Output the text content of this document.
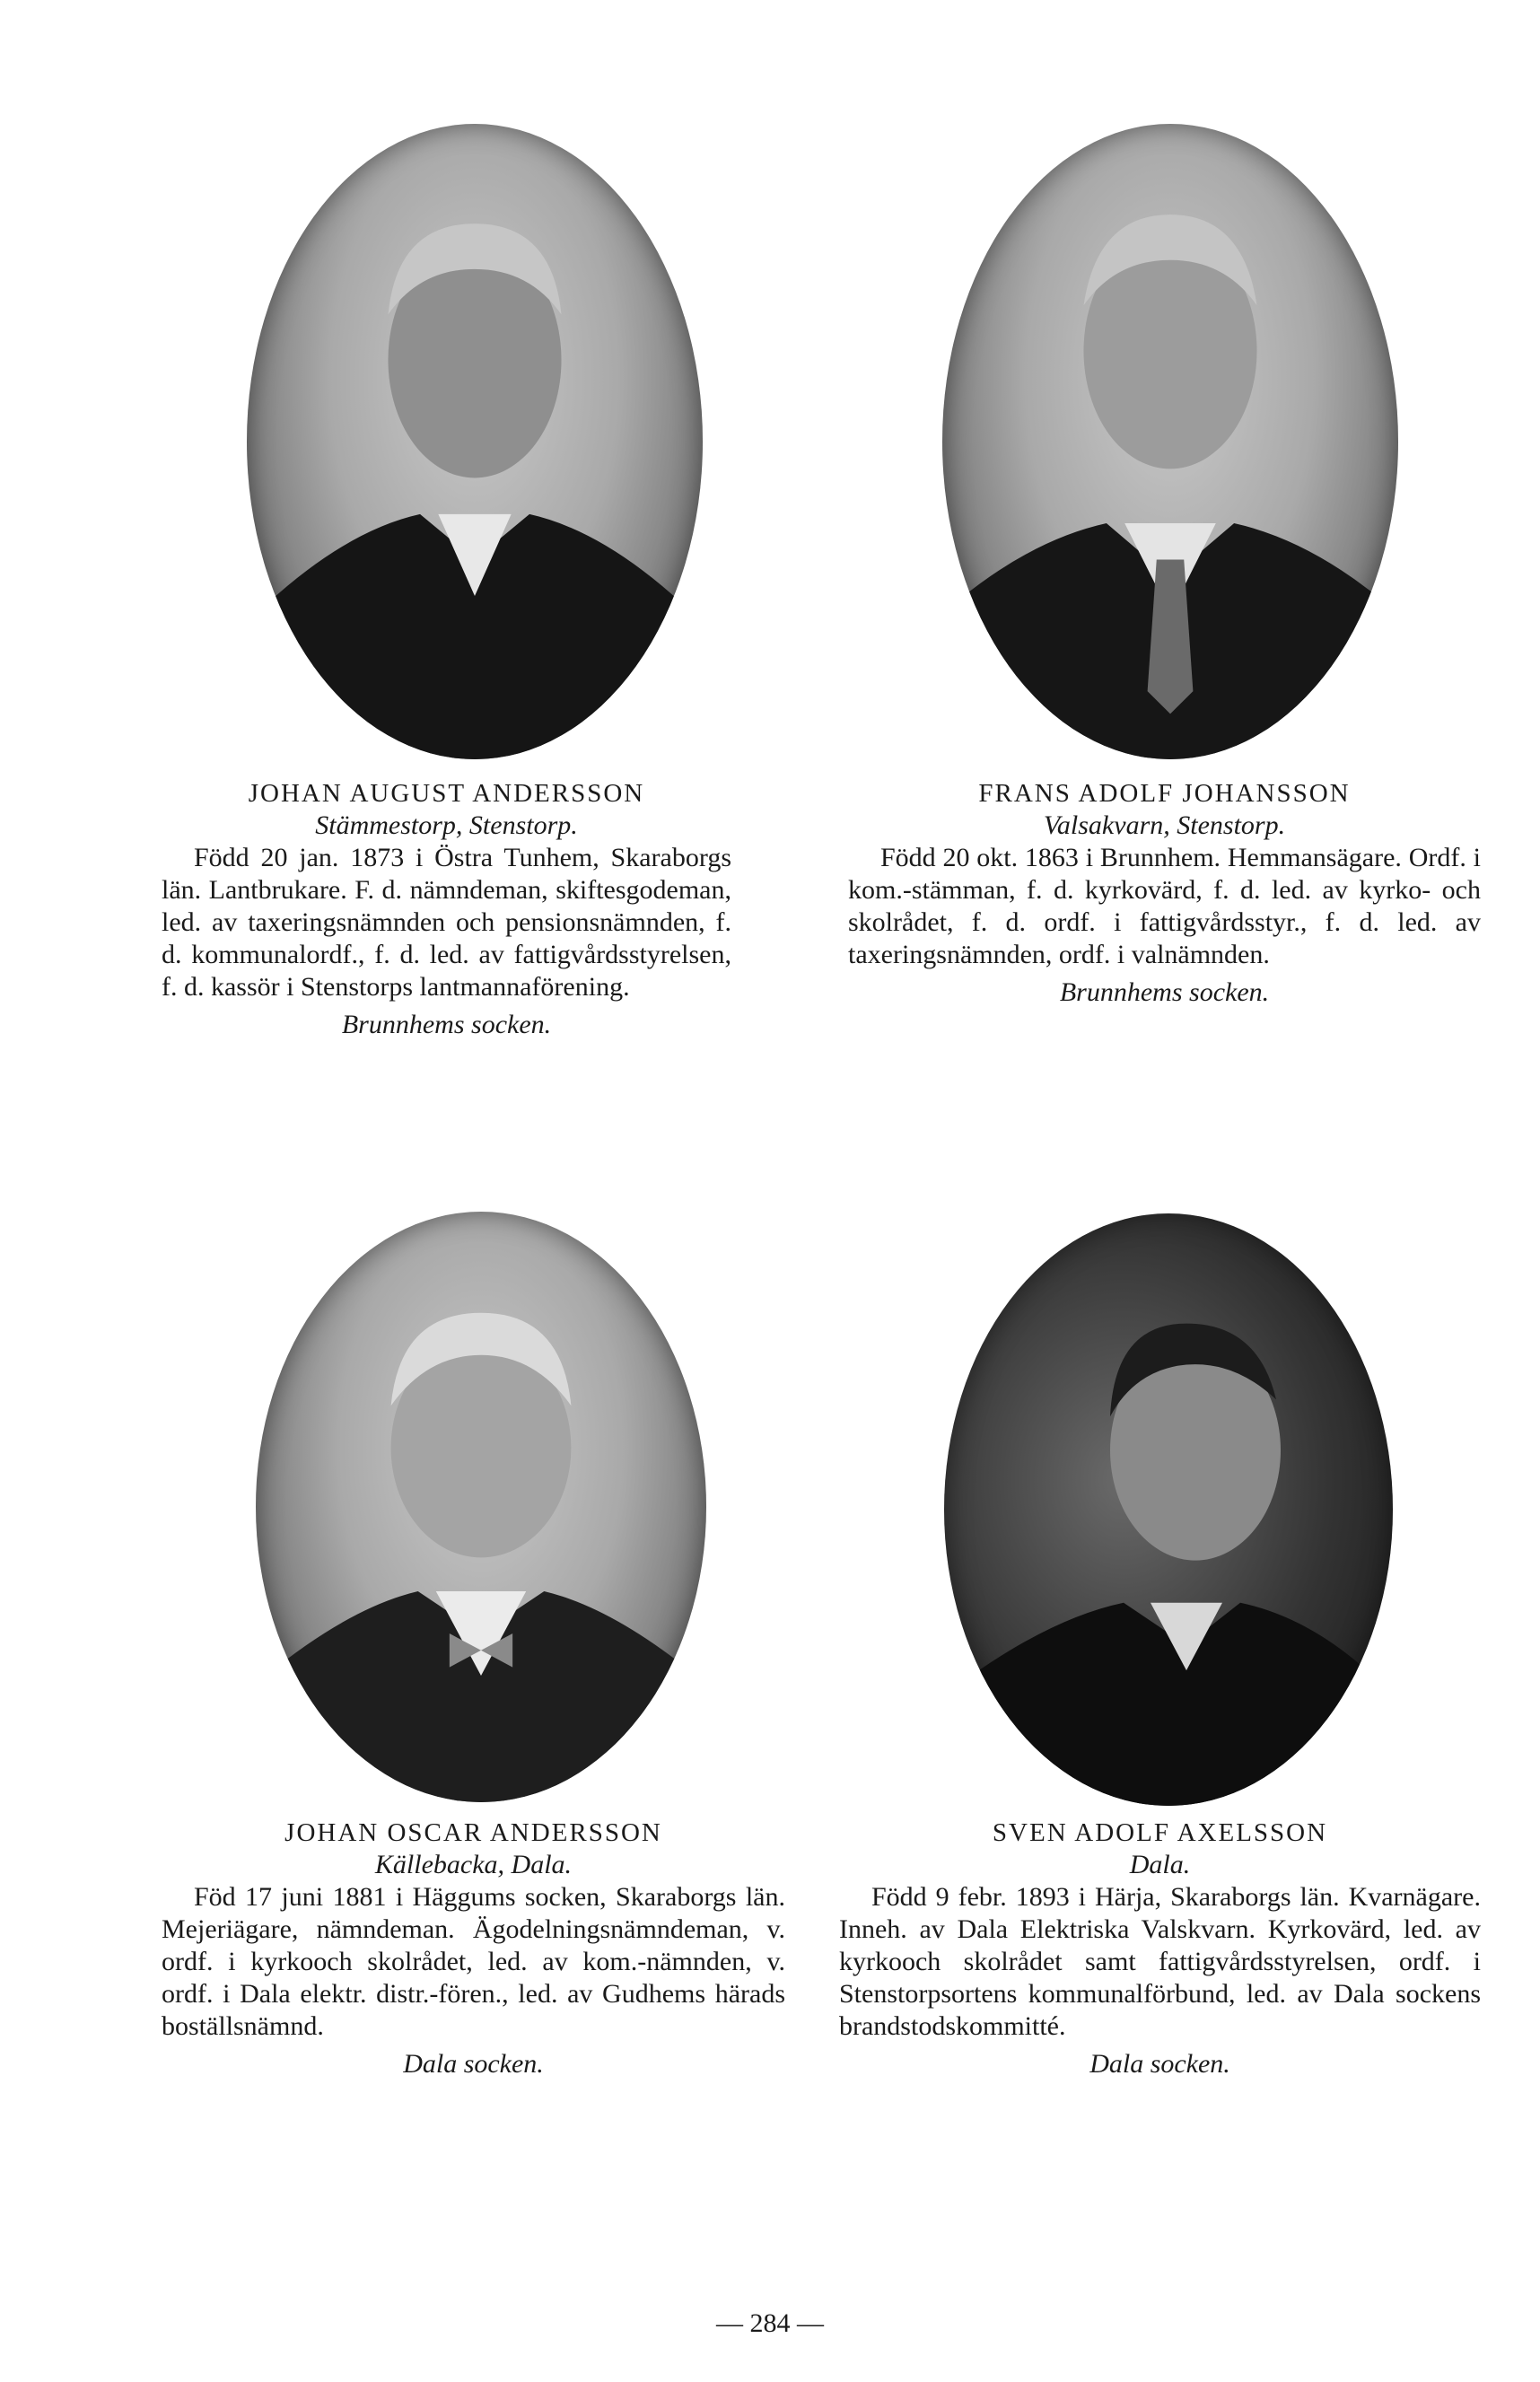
JOHAN AUGUST ANDERSSON

Stämmestorp, Stenstorp.

Född 20 jan. 1873 i Östra Tunhem, Skaraborgs län. Lantbrukare. F. d. nämndeman, skiftesgodeman, led. av taxeringsnämnden och pensionsnämnden, f. d. kommunalordf., f. d. led. av fattigvårdsstyrelsen, f. d. kassör i Stenstorps lantmannaförening.

Brunnhems socken.

FRANS ADOLF JOHANSSON

Valsakvarn, Stenstorp.

Född 20 okt. 1863 i Brunnhem. Hemmansägare. Ordf. i kom.-stämman, f. d. kyrkovärd, f. d. led. av kyrko- och skolrådet, f. d. ordf. i fattigvårdsstyr., f. d. led. av taxeringsnämnden, ordf. i valnämnden.

Brunnhems socken.

JOHAN OSCAR ANDERSSON

Källebacka, Dala.

Föd 17 juni 1881 i Häggums socken, Skaraborgs län. Mejeriägare, nämndeman. Ägodelningsnämndeman, v. ordf. i kyrkooch skolrådet, led. av kom.-nämnden, v. ordf. i Dala elektr. distr.-fören., led. av Gudhems härads boställsnämnd.

Dala socken.

SVEN ADOLF AXELSSON

Dala.

Född 9 febr. 1893 i Härja, Skaraborgs län. Kvarnägare. Inneh. av Dala Elektriska Valskvarn. Kyrkovärd, led. av kyrkooch skolrådet samt fattigvårdsstyrelsen, ordf. i Stenstorpsortens kommunalförbund, led. av Dala sockens brandstodskommitté.

Dala socken.

— 284 —
